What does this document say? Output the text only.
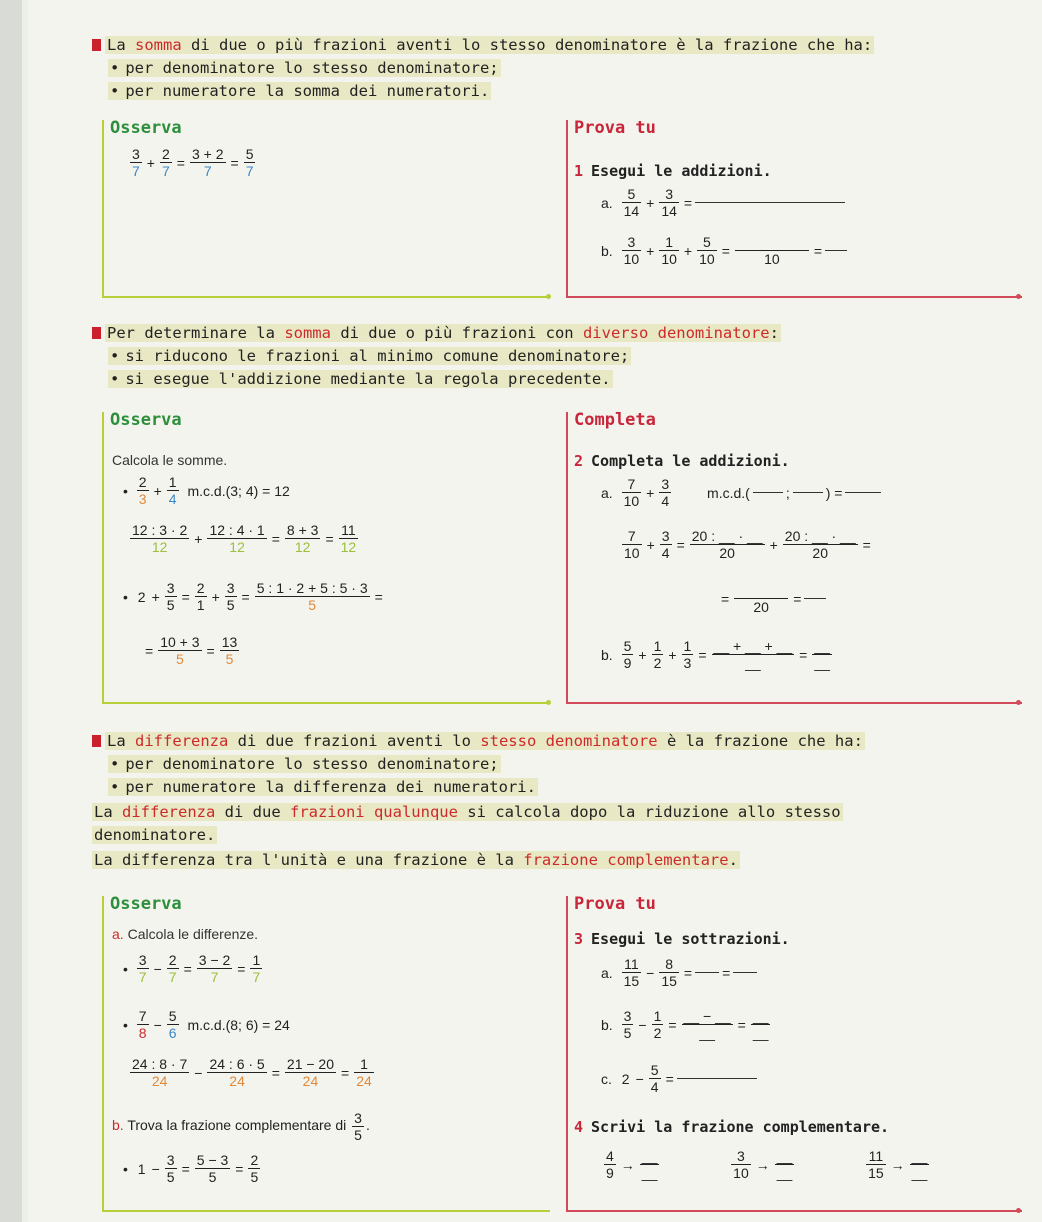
La somma di due o più frazioni aventi lo stesso denominatore è la frazione che ha:
• per denominatore lo stesso denominatore;
• per numeratore la somma dei numeratori.
Osserva
$\frac{3}{7} + \frac{2}{7} = \frac{3 + 2}{7} = \frac{5}{7}$
Prova tu
1 Esegui le addizioni.
a. $\frac{5}{14} + \frac{3}{14}$ =
b. $\frac{3}{10} + \frac{1}{10} + \frac{5}{10}$ =

10
=
Per determinare la somma di due o più frazioni con diverso denominatore:
• si riducono le frazioni al minimo comune denominatore;
• si esegue l'addizione mediante la regola precedente.
Osserva
Calcola le somme.
• $\frac{2}{3} + \frac{1}{4} m.c.d.(3$; 4) = 12
$\frac{12 : 3 \cdot 2}{12} + \frac{12 : 4 \cdot 1}{12} = \frac{8 + 3}{12} = \frac{11}{12}$
• $2 + \frac{3}{5} = \frac{2}{1} + \frac{3}{5} = \frac{5 : 1 \cdot 2 + 5 : 5 \cdot 3}{5}$ =
= $\frac{10 + 3}{5} = \frac{13}{5}$
Completa
2 Completa le addizioni.
a. $\frac{7}{10} + \frac{3}{4}$	m.c.d.(	;	) =
$\frac{7}{10} + \frac{3}{4} = \frac{20 : \_\_ \cdot \_\_}{20} + \frac{20 : \_\_ \cdot \_\_}{20}$ =
=

20
=
b. $\frac{5}{9} + \frac{1}{2} + \frac{1}{3}$ =
__ + __ + __
__
=
__
__
La differenza di due frazioni aventi lo stesso denominatore è la frazione che ha:
• per denominatore lo stesso denominatore;
• per numeratore la differenza dei numeratori.
La differenza di due frazioni qualunque si calcola dopo la riduzione allo stesso
denominatore.
La differenza tra l'unità e una frazione è la frazione complementare.
Osserva
a. Calcola le differenze.
• $\frac{3}{7} - \frac{2}{7} = \frac{3 - 2}{7} = \frac{1}{7}$
• $\frac{7}{8} - \frac{5}{6} m.c.d.(8$; 6) = 24
$\frac{24 : 8 \cdot 7}{24} - \frac{24 : 6 \cdot 5}{24} = \frac{21 - 20}{24} = \frac{1}{24}$
b. Trova la frazione complementare di $\frac{3}{5}$ .
• $1 - \frac{3}{5} = \frac{5 - 3}{5} = \frac{2}{5}$
Prova tu
3 Esegui le sottrazioni.
a. $\frac{11}{15} - \frac{8}{15}$ = =
b. $\frac{3}{5} - \frac{1}{2}$ =
__ − __
__
=
__
__
c. $2 - \frac{5}{4}$ =
4 Scrivi la frazione complementare.
$\frac{4}{9}$ →
__
__
	$\frac{3}{10}$ →
__
__
	$\frac{11}{15}$ →
__
__
